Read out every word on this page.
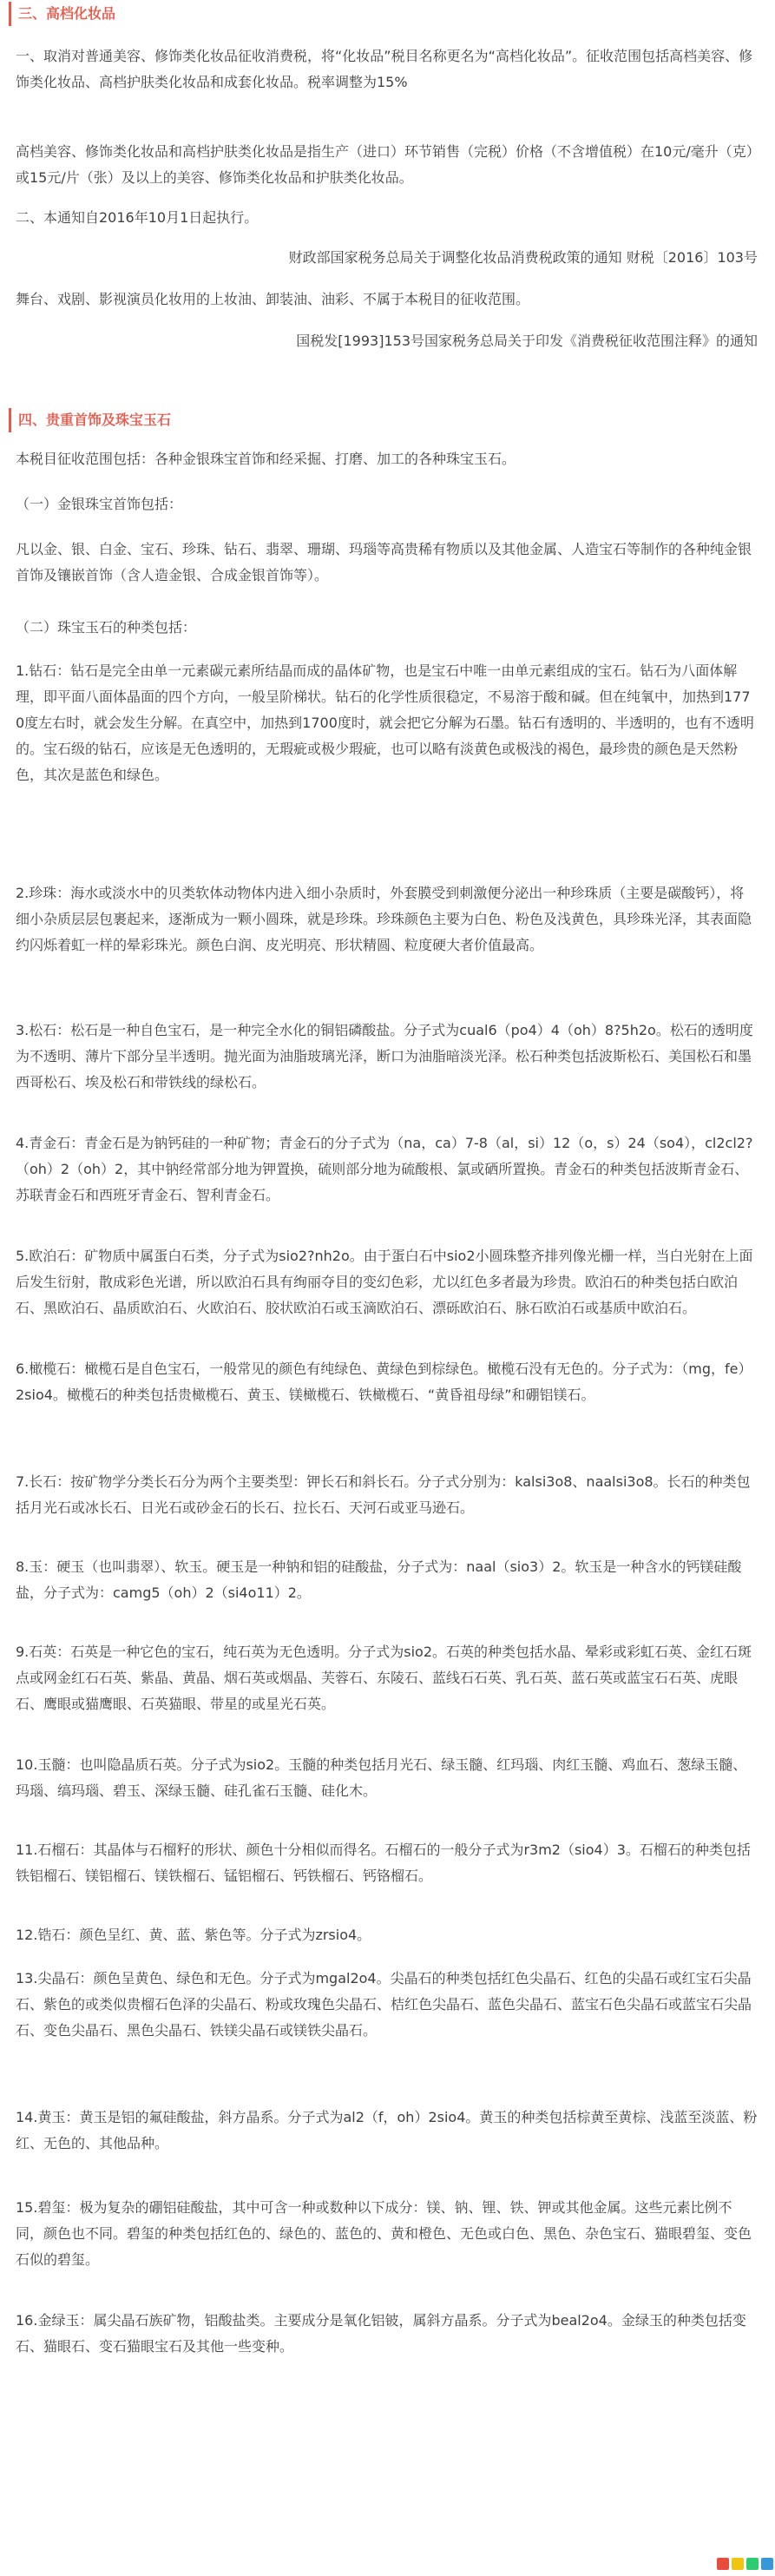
三、高档化妆品

一、取消对普通美容、修饰类化妆品征收消费税，将“化妆品”税目名称更名为“高档化妆品”。征收范围包括高档美容、修饰类化妆品、高档护肤类化妆品和成套化妆品。税率调整为15%

高档美容、修饰类化妆品和高档护肤类化妆品是指生产（进口）环节销售（完税）价格（不含增值税）在10元/毫升（克）或15元/片（张）及以上的美容、修饰类化妆品和护肤类化妆品。

二、本通知自2016年10月1日起执行。

财政部国家税务总局关于调整化妆品消费税政策的通知 财税〔2016〕103号

舞台、戏剧、影视演员化妆用的上妆油、卸装油、油彩、不属于本税目的征收范围。

国税发[1993]153号国家税务总局关于印发《消费税征收范围注释》的通知

四、贵重首饰及珠宝玉石

本税目征收范围包括：各种金银珠宝首饰和经采掘、打磨、加工的各种珠宝玉石。

（一）金银珠宝首饰包括：

凡以金、银、白金、宝石、珍珠、钻石、翡翠、珊瑚、玛瑙等高贵稀有物质以及其他金属、人造宝石等制作的各种纯金银首饰及镶嵌首饰（含人造金银、合成金银首饰等）。

（二）珠宝玉石的种类包括：

1.钻石：钻石是完全由单一元素碳元素所结晶而成的晶体矿物，也是宝石中唯一由单元素组成的宝石。钻石为八面体解理，即平面八面体晶面的四个方向，一般呈阶梯状。钻石的化学性质很稳定，不易溶于酸和碱。但在纯氧中，加热到1770度左右时，就会发生分解。在真空中，加热到1700度时，就会把它分解为石墨。钻石有透明的、半透明的，也有不透明的。宝石级的钻石，应该是无色透明的，无瑕疵或极少瑕疵，也可以略有淡黄色或极浅的褐色，最珍贵的颜色是天然粉色，其次是蓝色和绿色。

2.珍珠：海水或淡水中的贝类软体动物体内进入细小杂质时，外套膜受到刺激便分泌出一种珍珠质（主要是碳酸钙），将细小杂质层层包裹起来，逐渐成为一颗小圆珠，就是珍珠。珍珠颜色主要为白色、粉色及浅黄色，具珍珠光泽，其表面隐约闪烁着虹一样的晕彩珠光。颜色白润、皮光明亮、形状精圆、粒度硬大者价值最高。

3.松石：松石是一种自色宝石，是一种完全水化的铜铝磷酸盐。分子式为cual6（po4）4（oh）8?5h2o。松石的透明度为不透明、薄片下部分呈半透明。抛光面为油脂玻璃光泽，断口为油脂暗淡光泽。松石种类包括波斯松石、美国松石和墨西哥松石、埃及松石和带铁线的绿松石。

4.青金石：青金石是为钠钙硅的一种矿物；青金石的分子式为（na，ca）7-8（al，si）12（o，s）24（so4），cl2cl2?（oh）2（oh）2，其中钠经常部分地为钾置换，硫则部分地为硫酸根、氯或硒所置换。青金石的种类包括波斯青金石、苏联青金石和西班牙青金石、智利青金石。

5.欧泊石：矿物质中属蛋白石类，分子式为sio2?nh2o。由于蛋白石中sio2小圆珠整齐排列像光栅一样，当白光射在上面后发生衍射，散成彩色光谱，所以欧泊石具有绚丽夺目的变幻色彩，尤以红色多者最为珍贵。欧泊石的种类包括白欧泊石、黑欧泊石、晶质欧泊石、火欧泊石、胶状欧泊石或玉滴欧泊石、漂砾欧泊石、脉石欧泊石或基质中欧泊石。

6.橄榄石：橄榄石是自色宝石，一般常见的颜色有纯绿色、黄绿色到棕绿色。橄榄石没有无色的。分子式为：（mg，fe）2sio4。橄榄石的种类包括贵橄榄石、黄玉、镁橄榄石、铁橄榄石、“黄昏祖母绿”和硼铝镁石。

7.长石：按矿物学分类长石分为两个主要类型：钾长石和斜长石。分子式分别为：kalsi3o8、naalsi3o8。长石的种类包括月光石或冰长石、日光石或砂金石的长石、拉长石、天河石或亚马逊石。

8.玉：硬玉（也叫翡翠）、软玉。硬玉是一种钠和铝的硅酸盐，分子式为：naal（sio3）2。软玉是一种含水的钙镁硅酸盐，分子式为：camg5（oh）2（si4o11）2。

9.石英：石英是一种它色的宝石，纯石英为无色透明。分子式为sio2。石英的种类包括水晶、晕彩或彩虹石英、金红石斑点或网金红石石英、紫晶、黄晶、烟石英或烟晶、芙蓉石、东陵石、蓝线石石英、乳石英、蓝石英或蓝宝石石英、虎眼石、鹰眼或猫鹰眼、石英猫眼、带星的或星光石英。

10.玉髓：也叫隐晶质石英。分子式为sio2。玉髓的种类包括月光石、绿玉髓、红玛瑙、肉红玉髓、鸡血石、葱绿玉髓、玛瑙、缟玛瑙、碧玉、深绿玉髓、硅孔雀石玉髓、硅化木。

11.石榴石：其晶体与石榴籽的形状、颜色十分相似而得名。石榴石的一般分子式为r3m2（sio4）3。石榴石的种类包括铁铝榴石、镁铝榴石、镁铁榴石、锰铝榴石、钙铁榴石、钙铬榴石。

12.锆石：颜色呈红、黄、蓝、紫色等。分子式为zrsio4。

13.尖晶石：颜色呈黄色、绿色和无色。分子式为mgal2o4。尖晶石的种类包括红色尖晶石、红色的尖晶石或红宝石尖晶石、紫色的或类似贵榴石色泽的尖晶石、粉或玫瑰色尖晶石、桔红色尖晶石、蓝色尖晶石、蓝宝石色尖晶石或蓝宝石尖晶石、变色尖晶石、黑色尖晶石、铁镁尖晶石或镁铁尖晶石。

14.黄玉：黄玉是铝的氟硅酸盐，斜方晶系。分子式为al2（f，oh）2sio4。黄玉的种类包括棕黄至黄棕、浅蓝至淡蓝、粉红、无色的、其他品种。

15.碧玺：极为复杂的硼铝硅酸盐，其中可含一种或数种以下成分：镁、钠、锂、铁、钾或其他金属。这些元素比例不同，颜色也不同。碧玺的种类包括红色的、绿色的、蓝色的、黄和橙色、无色或白色、黑色、杂色宝石、猫眼碧玺、变色石似的碧玺。

16.金绿玉：属尖晶石族矿物，铝酸盐类。主要成分是氧化铝铍，属斜方晶系。分子式为beal2o4。金绿玉的种类包括变石、猫眼石、变石猫眼宝石及其他一些变种。
